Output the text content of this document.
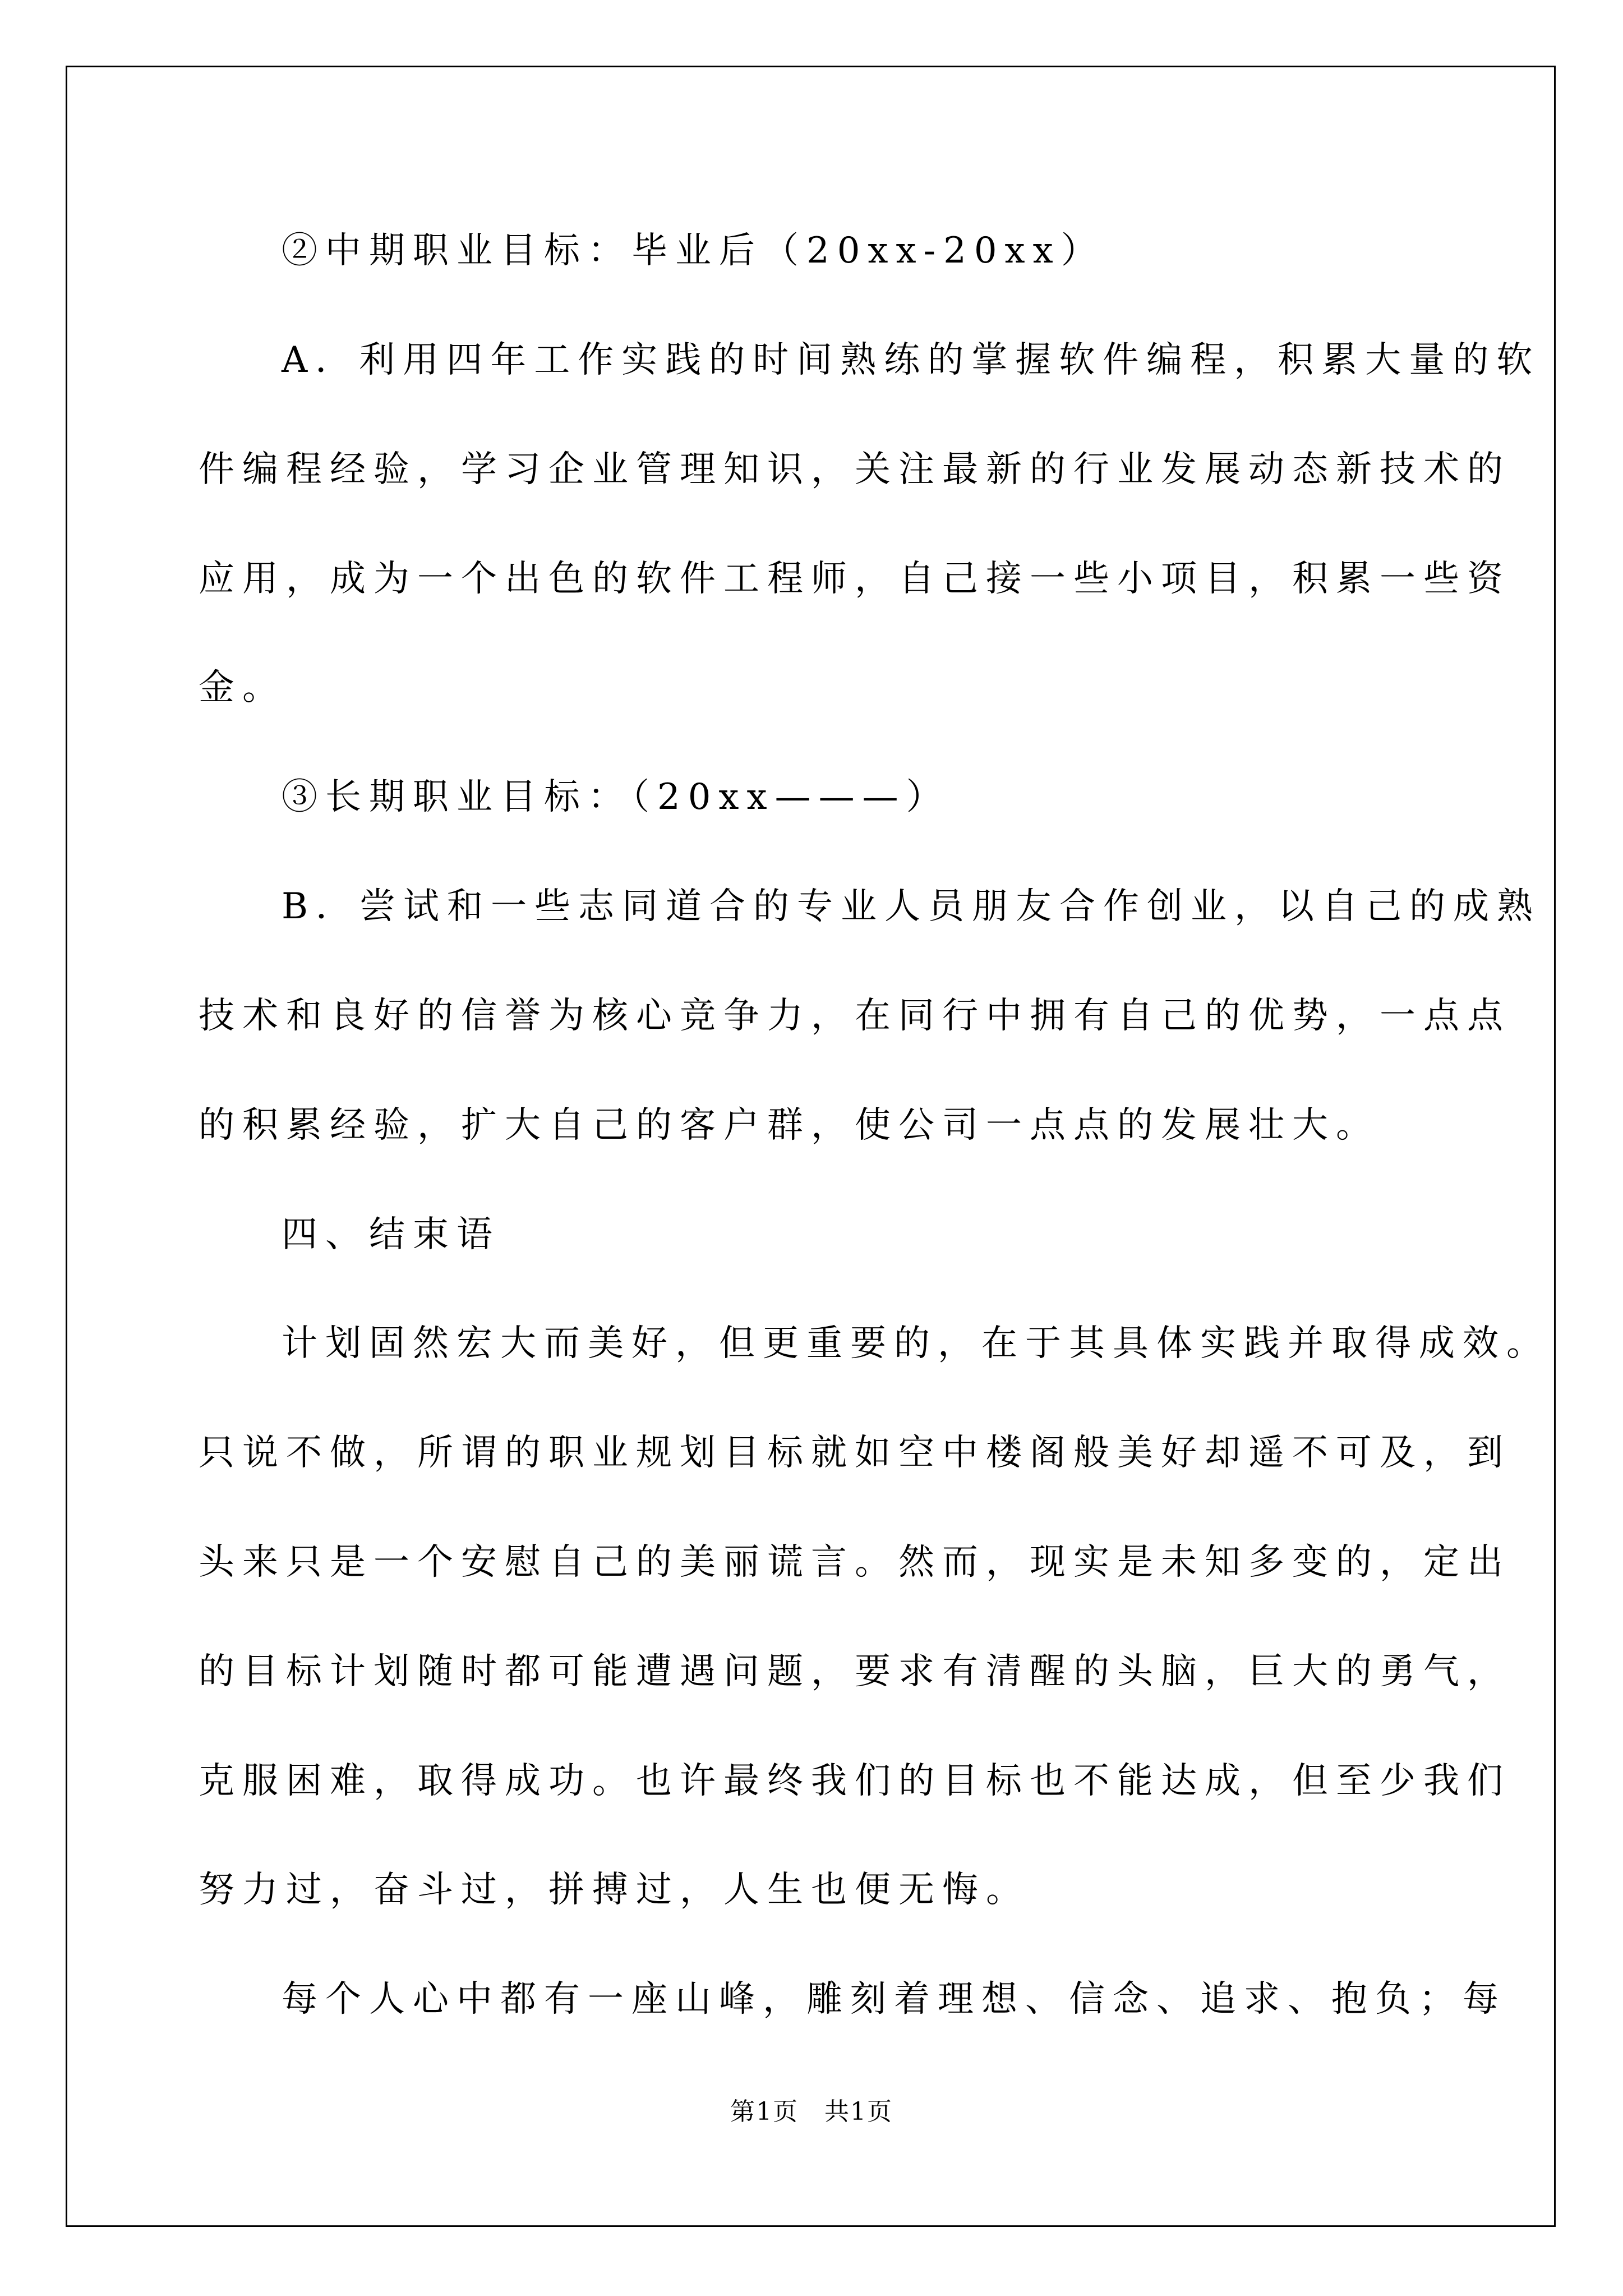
②中期职业目标：毕业后（20xx-20xx）
A．利用四年工作实践的时间熟练的掌握软件编程，积累大量的软
件编程经验，学习企业管理知识，关注最新的行业发展动态新技术的
应用，成为一个出色的软件工程师，自己接一些小项目，积累一些资
金。
③长期职业目标：（20xx———）
B．尝试和一些志同道合的专业人员朋友合作创业，以自己的成熟
技术和良好的信誉为核心竞争力，在同行中拥有自己的优势，一点点
的积累经验，扩大自己的客户群，使公司一点点的发展壮大。
四、结束语
计划固然宏大而美好，但更重要的，在于其具体实践并取得成效。
只说不做，所谓的职业规划目标就如空中楼阁般美好却遥不可及，到
头来只是一个安慰自己的美丽谎言。然而，现实是未知多变的，定出
的目标计划随时都可能遭遇问题，要求有清醒的头脑，巨大的勇气，
克服困难，取得成功。也许最终我们的目标也不能达成，但至少我们
努力过，奋斗过，拼搏过，人生也便无悔。
每个人心中都有一座山峰，雕刻着理想、信念、追求、抱负；每
第1页　共1页
